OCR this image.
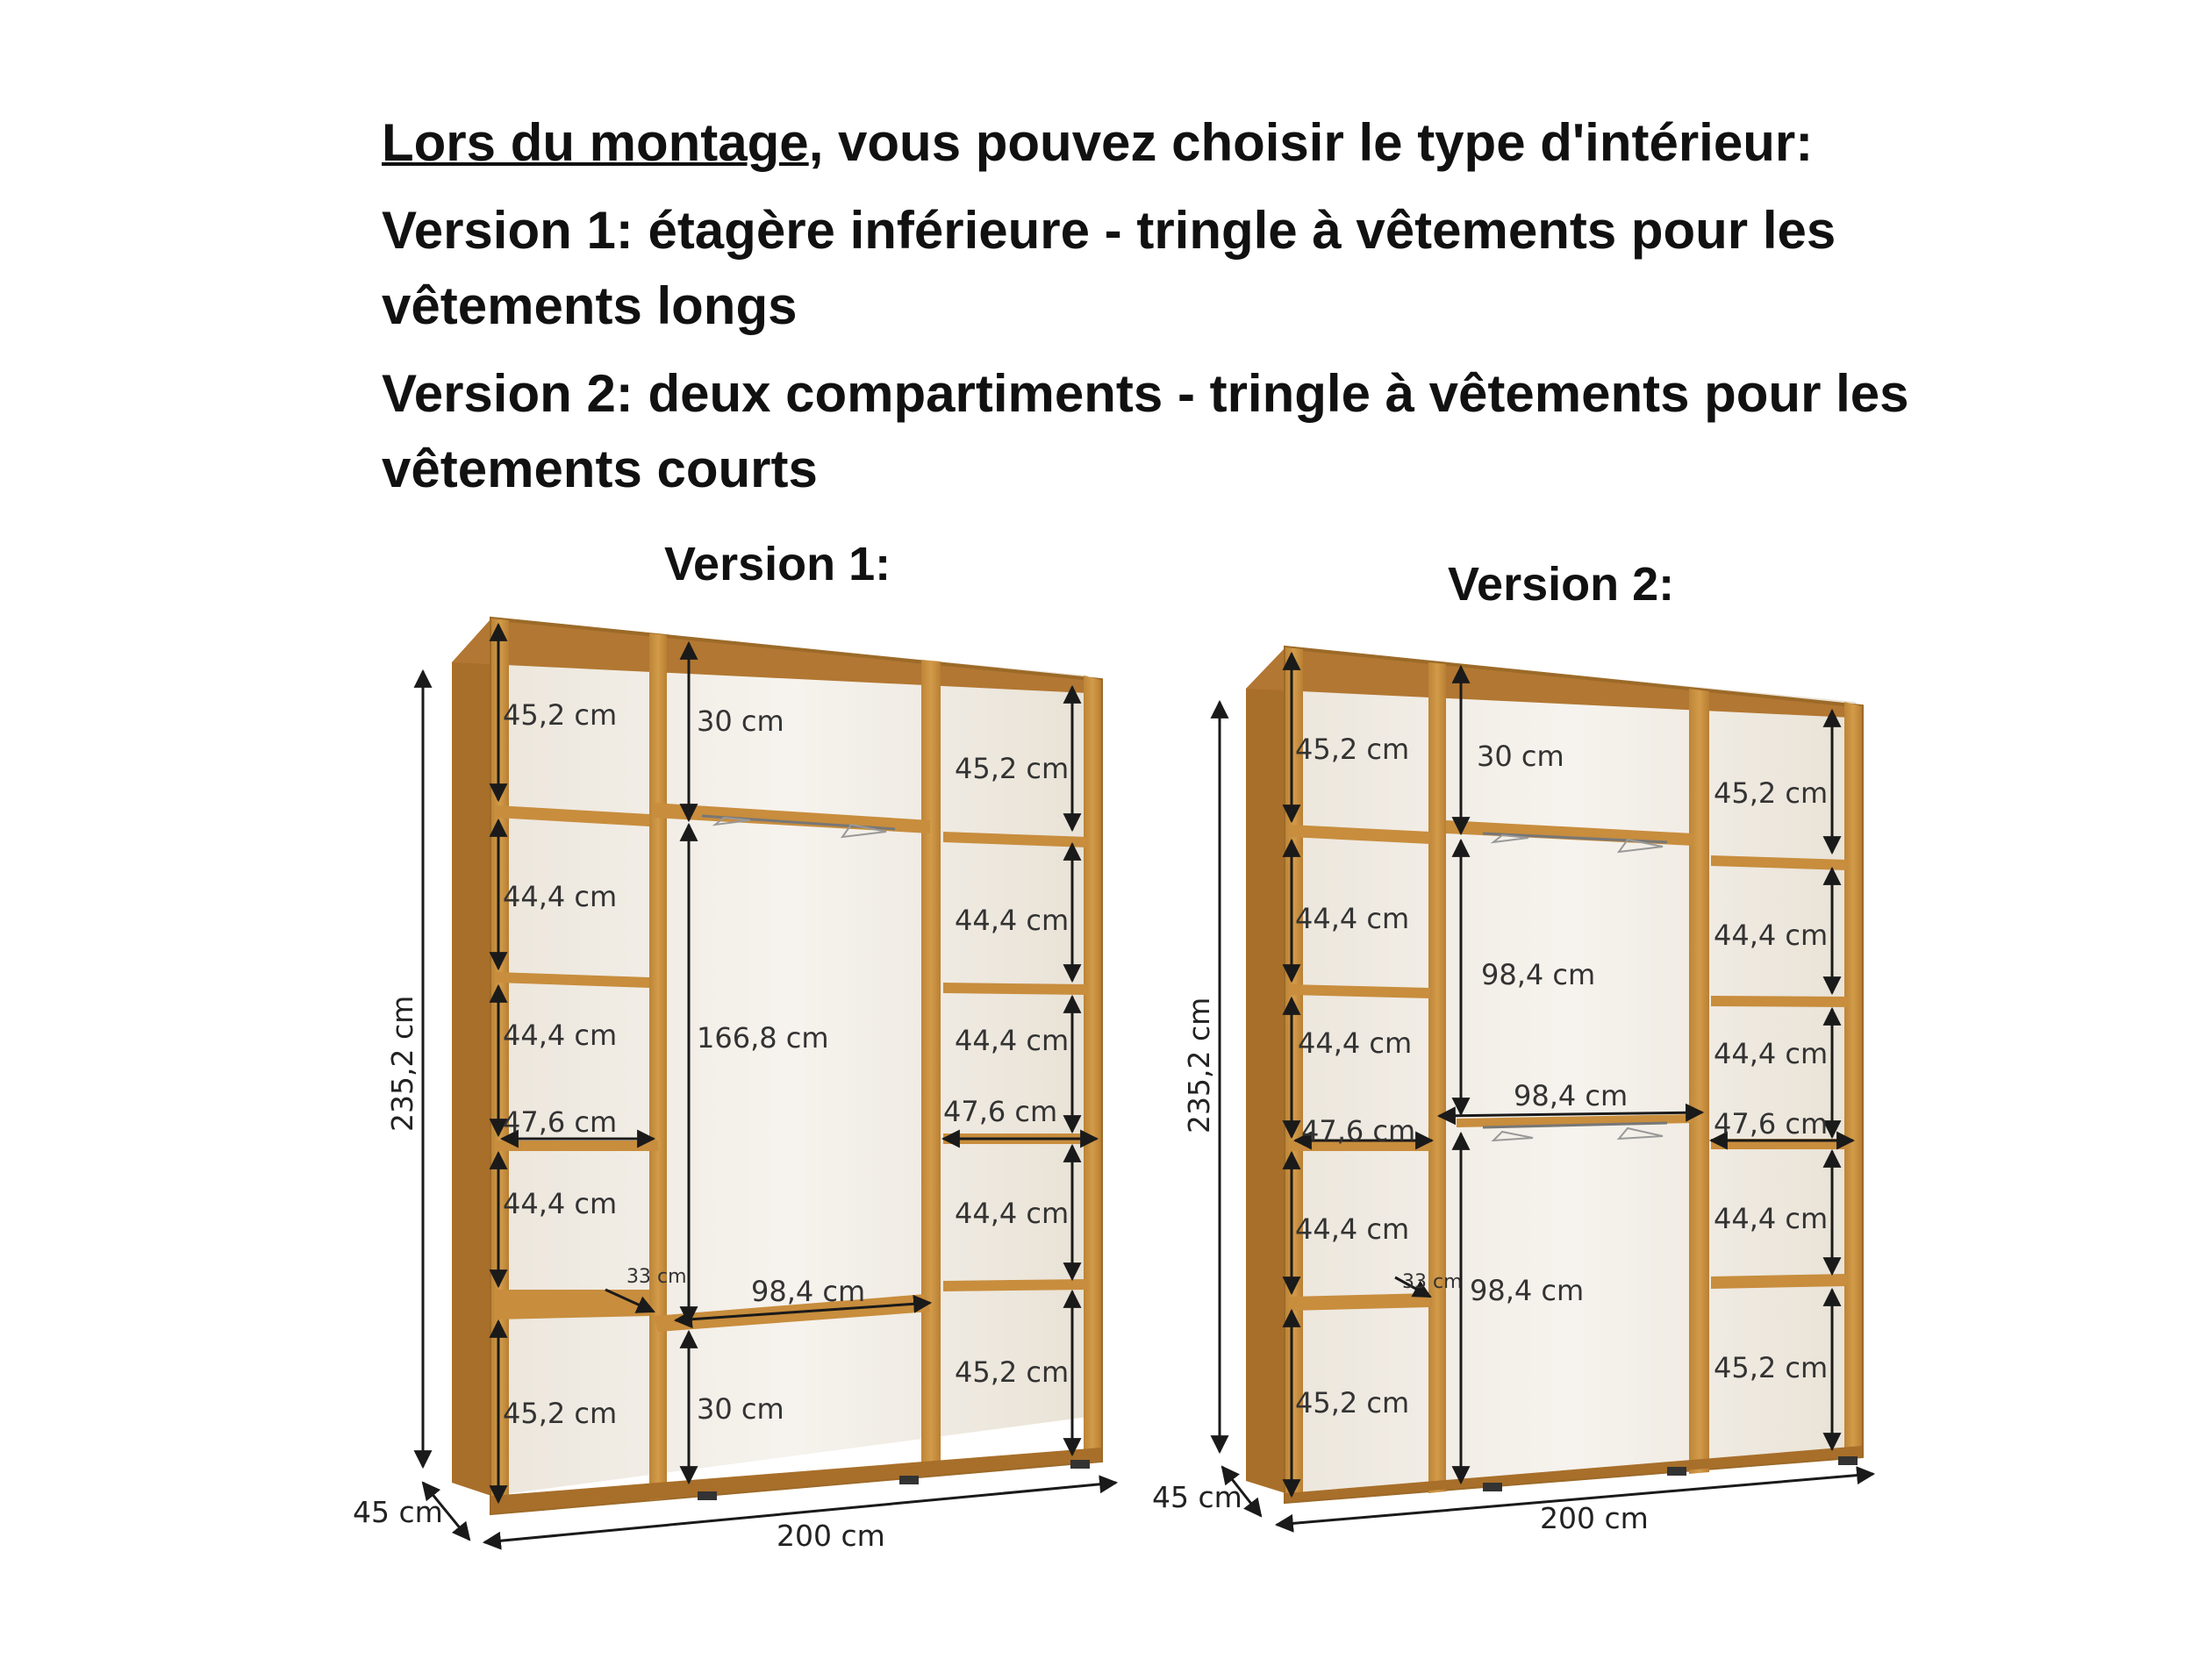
Lors du montage, vous pouvez choisir le type d'intérieur:

Version 1: étagère inférieure - tringle à vêtements pour les vêtements longs

Version 2: deux compartiments - tringle à vêtements pour les vêtements courts

Version 1:	Version 2:
45,2 cm
44,4 cm
44,4 cm
47,6 cm
44,4 cm
45,2 cm
33 cm
30 cm
166,8 cm
98,4 cm
30 cm
45,2 cm
44,4 cm
44,4 cm
47,6 cm
44,4 cm
45,2 cm
235,2 cm
45 cm
200 cm
45,2 cm
44,4 cm
44,4 cm
47,6 cm
44,4 cm
45,2 cm
33 cm
30 cm
98,4 cm
98,4 cm
98,4 cm
45,2 cm
44,4 cm
44,4 cm
47,6 cm
44,4 cm
45,2 cm
235,2 cm
45 cm
200 cm
